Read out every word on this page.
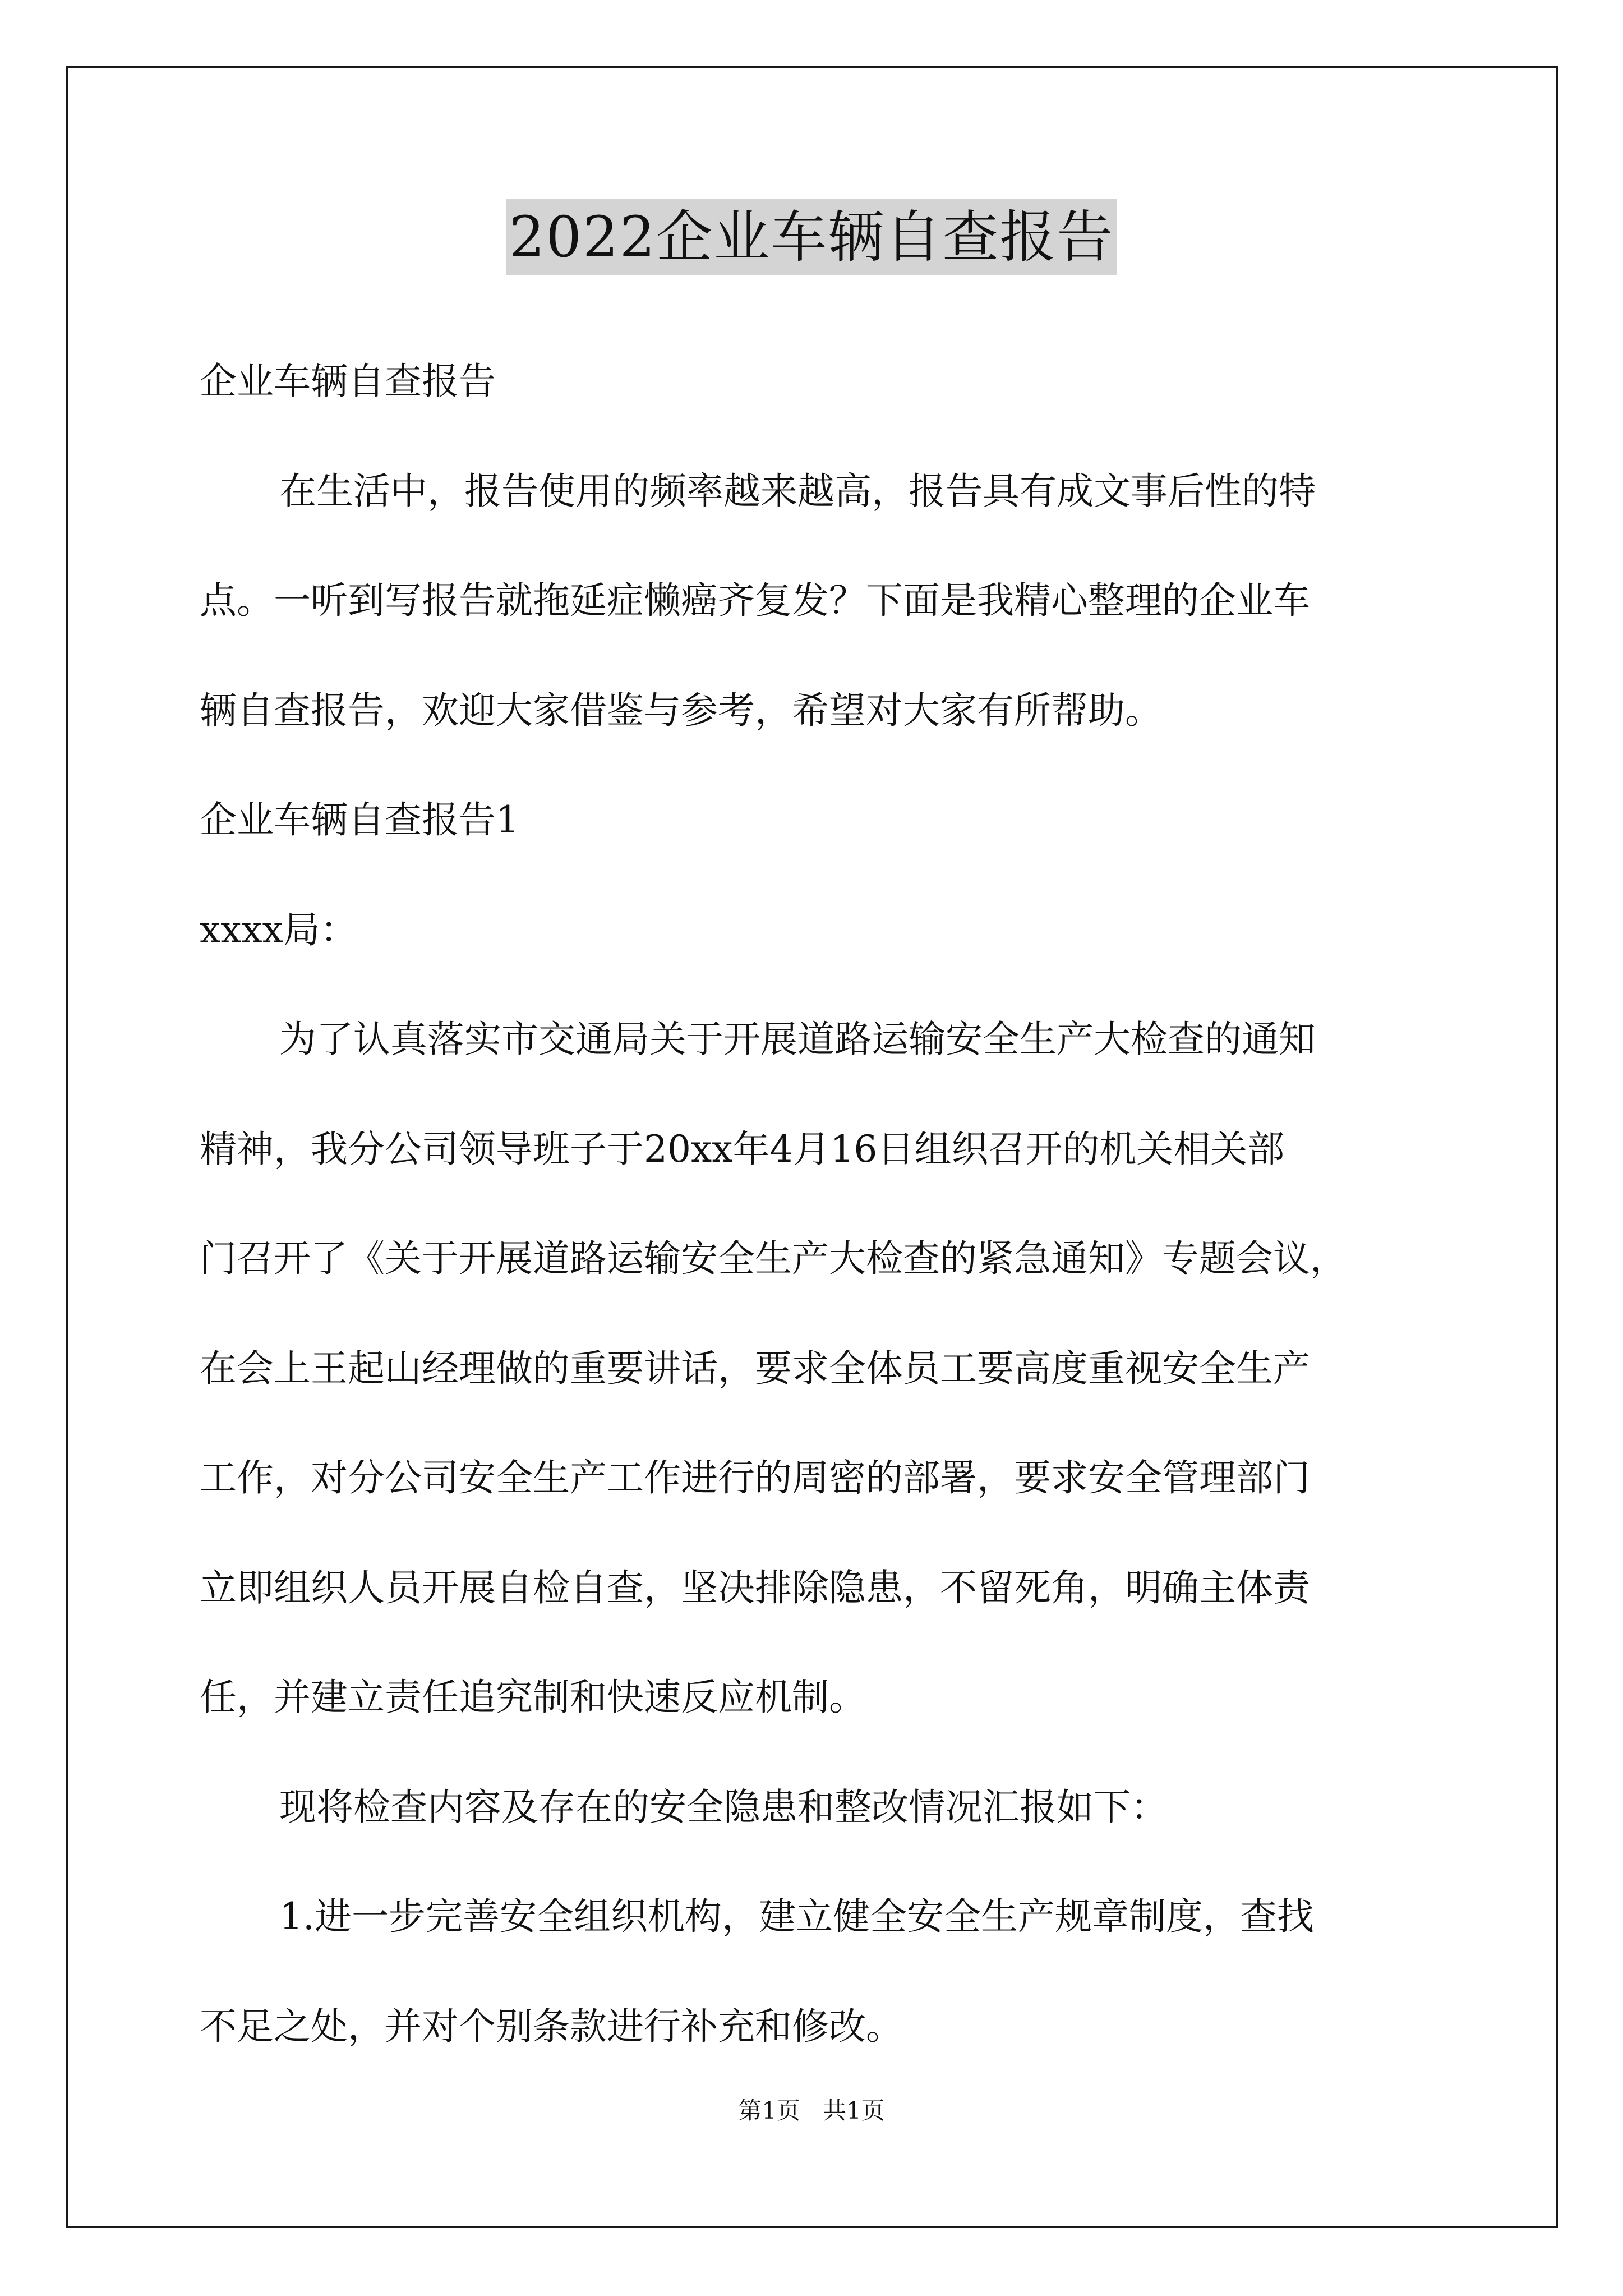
2022企业车辆自查报告

企业车辆自查报告

在生活中，报告使用的频率越来越高，报告具有成文事后性的特

点。一听到写报告就拖延症懒癌齐复发？下面是我精心整理的企业车

辆自查报告，欢迎大家借鉴与参考，希望对大家有所帮助。

企业车辆自查报告1

xxxx局：

为了认真落实市交通局关于开展道路运输安全生产大检查的通知

精神，我分公司领导班子于20xx年4月16日组织召开的机关相关部

门召开了《关于开展道路运输安全生产大检查的紧急通知》专题会议，

在会上王起山经理做的重要讲话，要求全体员工要高度重视安全生产

工作，对分公司安全生产工作进行的周密的部署，要求安全管理部门

立即组织人员开展自检自查，坚决排除隐患，不留死角，明确主体责

任，并建立责任追究制和快速反应机制。

现将检查内容及存在的安全隐患和整改情况汇报如下：

1.进一步完善安全组织机构，建立健全安全生产规章制度，查找

不足之处，并对个别条款进行补充和修改。

第1页 共1页
